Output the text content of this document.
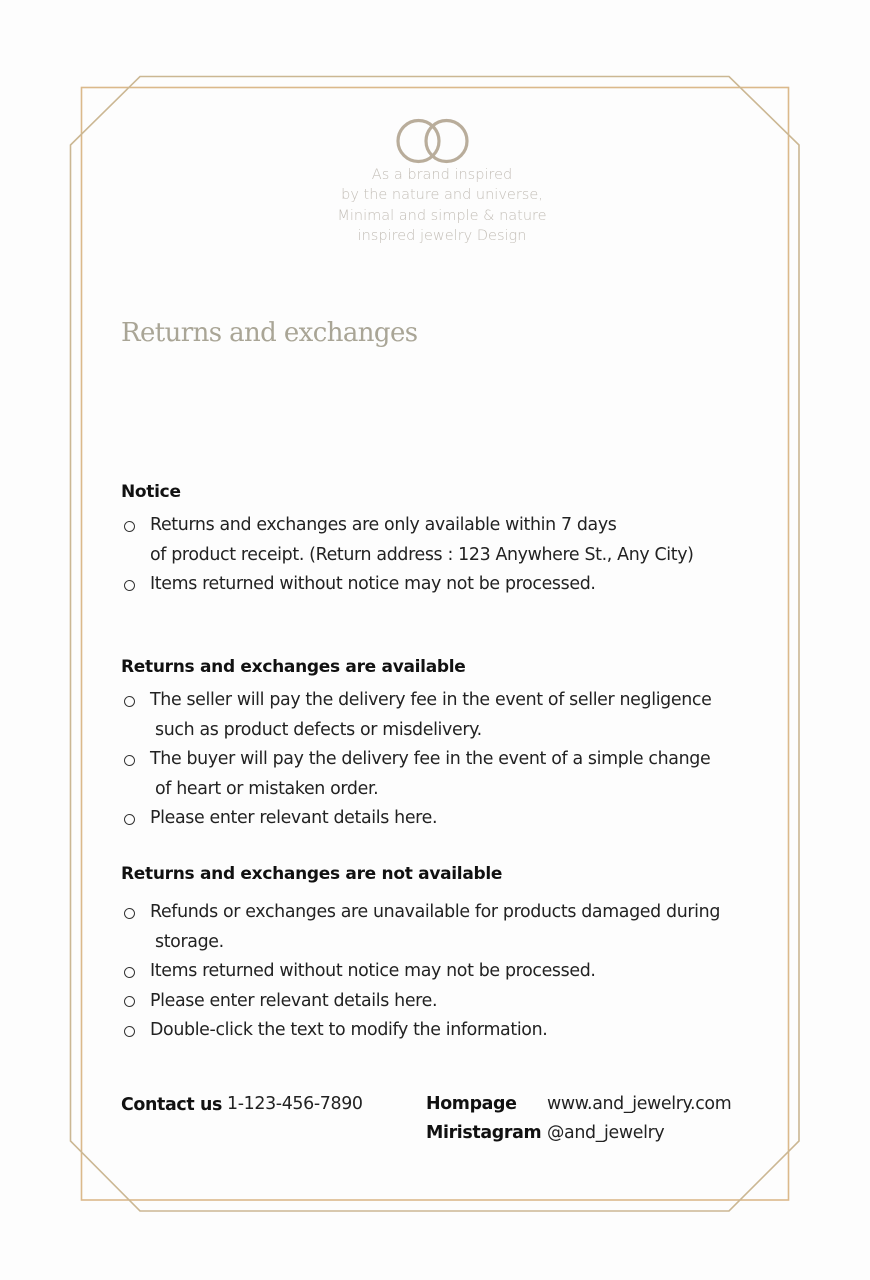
As a brand inspired
by the nature and universe,
Minimal and simple & nature
inspired jewelry Design
Returns and exchanges
Notice
Returns and exchanges are only available within 7 days
of product receipt. (Return address : 123 Anywhere St., Any City)
Items returned without notice may not be processed.
Returns and exchanges are available
The seller will pay the delivery fee in the event of seller negligence
such as product defects or misdelivery.
The buyer will pay the delivery fee in the event of a simple change
of heart or mistaken order.
Please enter relevant details here.
Returns and exchanges are not available
Refunds or exchanges are unavailable for products damaged during
storage.
Items returned without notice may not be processed.
Please enter relevant details here.
Double-click the text to modify the information.
Contact us 1-123-456-7890	Hompage www.and_jewelry.com
Miristagram @and_jewelry
